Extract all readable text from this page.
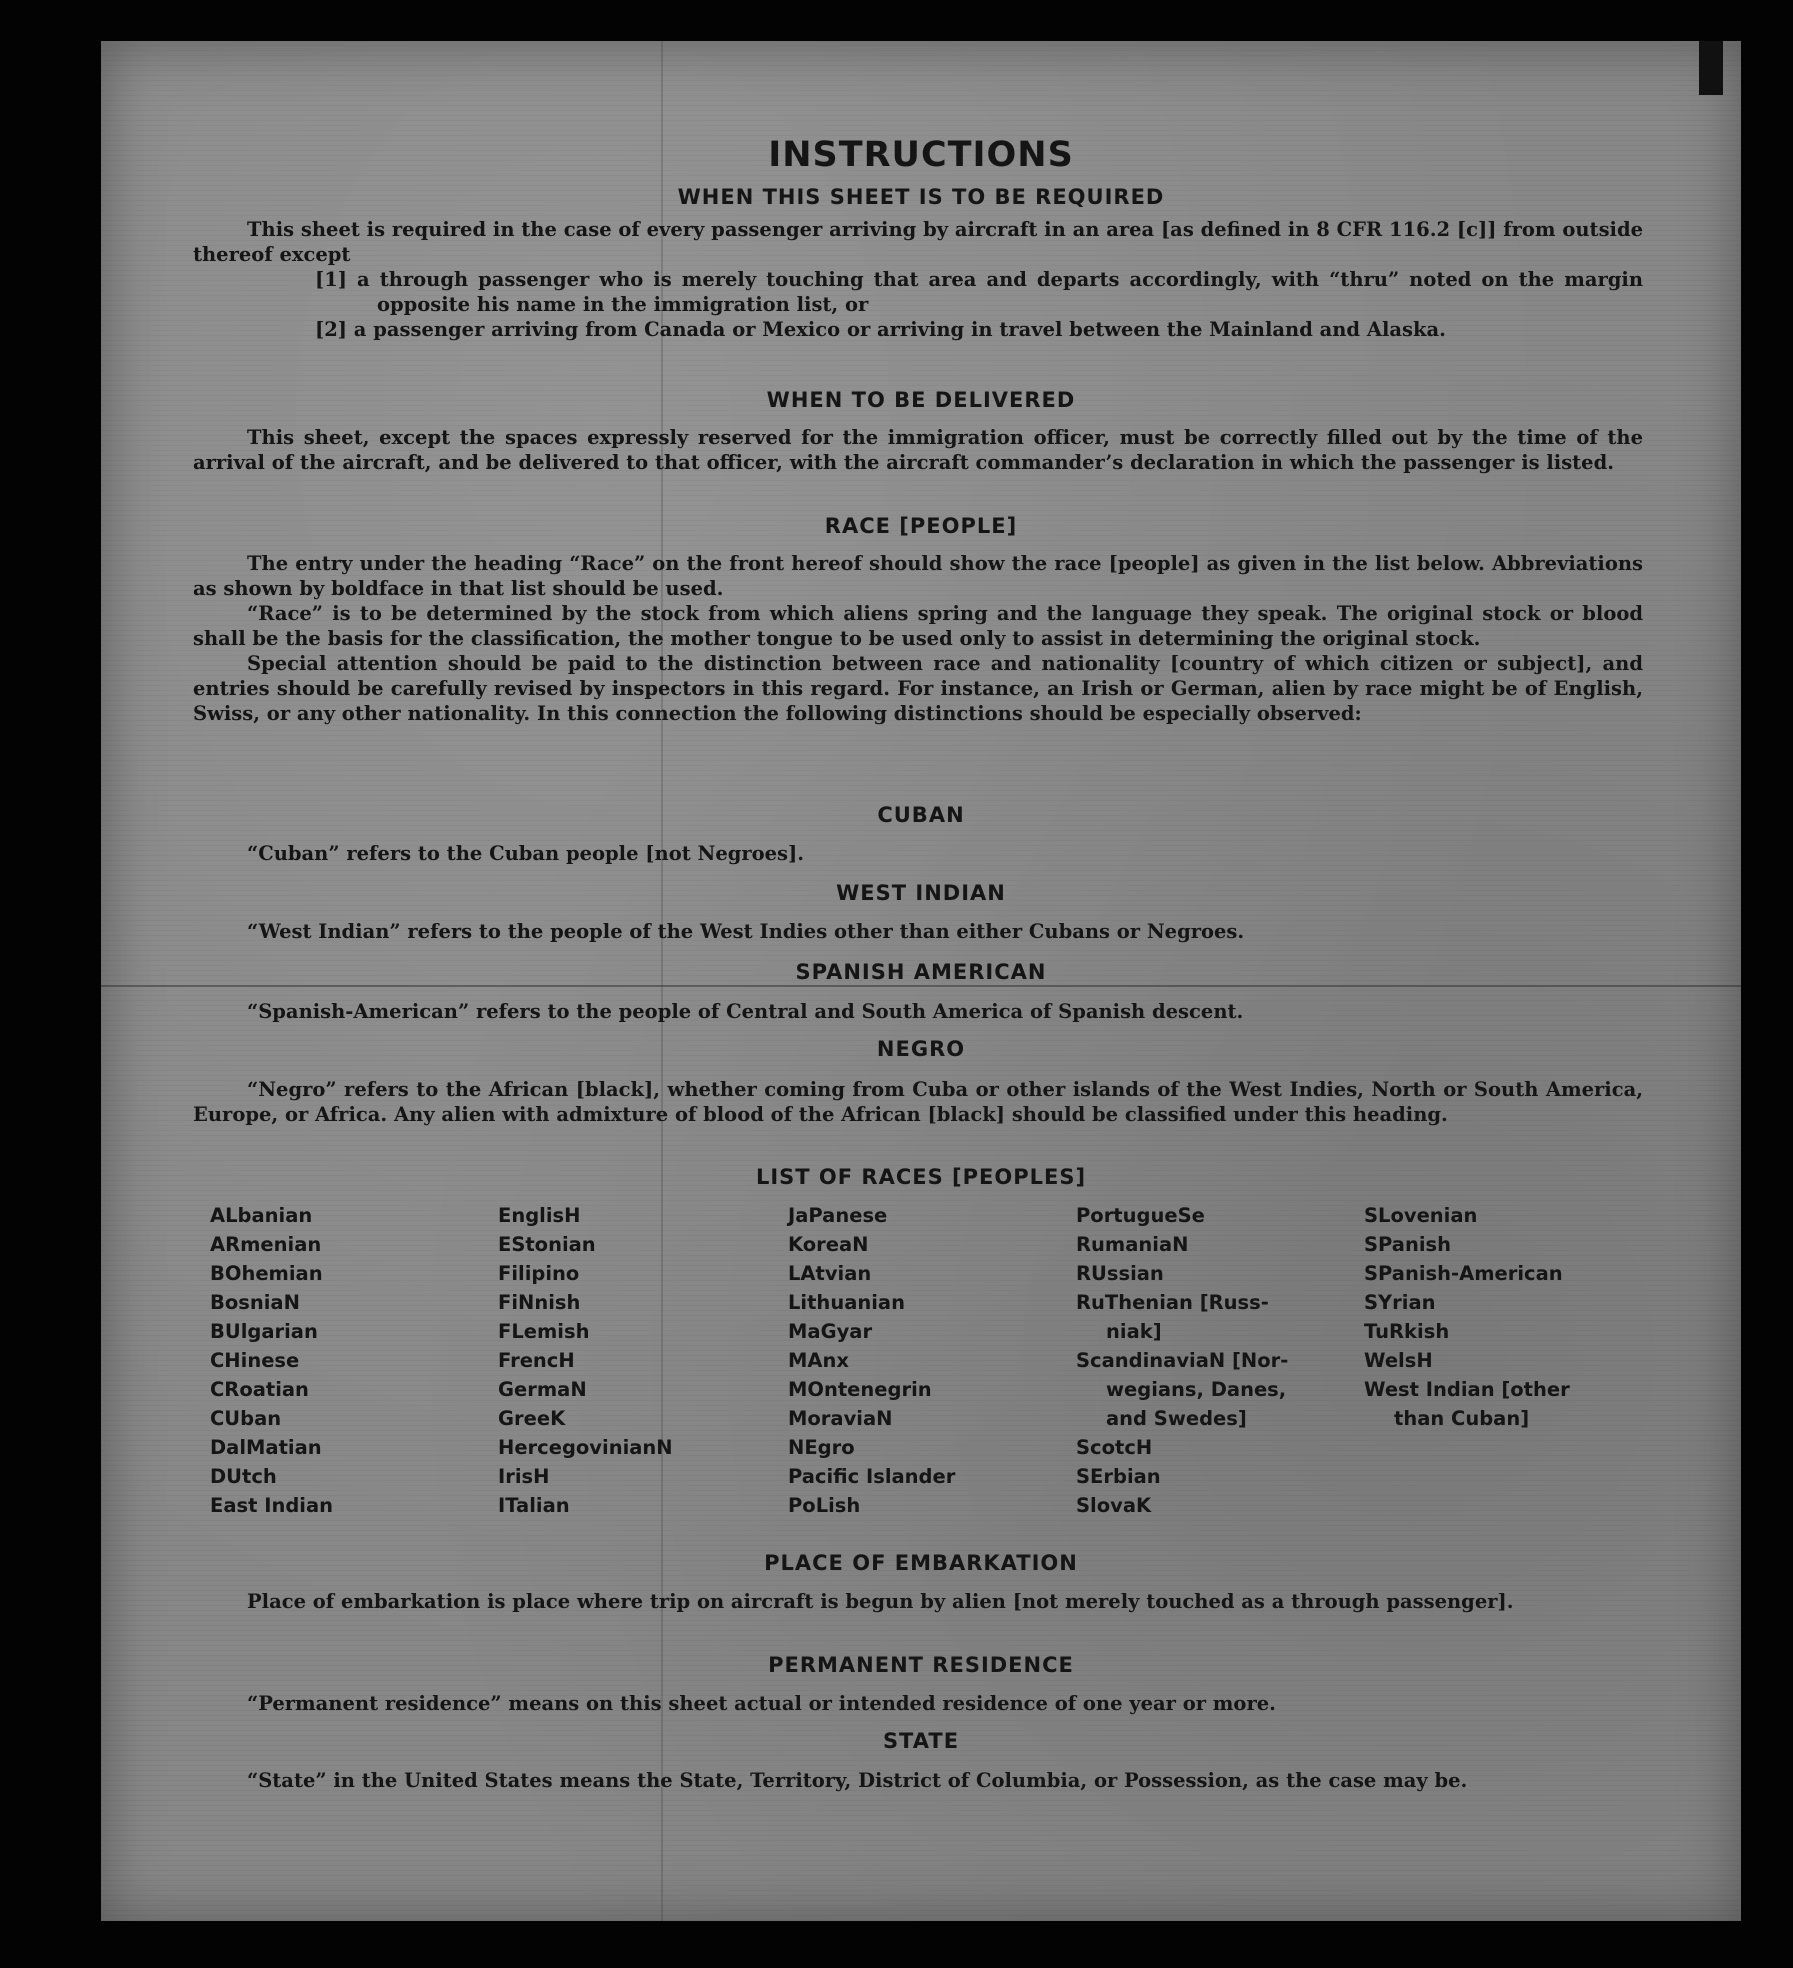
INSTRUCTIONS
WHEN THIS SHEET IS TO BE REQUIRED
This sheet is required in the case of every passenger arriving by aircraft in an area [as defined in 8 CFR 116.2 [c]] from outside thereof except
[1] a through passenger who is merely touching that area and departs accordingly, with “thru” noted on the margin opposite his name in the immigration list, or
[2] a passenger arriving from Canada or Mexico or arriving in travel between the Mainland and Alaska.
WHEN TO BE DELIVERED
This sheet, except the spaces expressly reserved for the immigration officer, must be correctly filled out by the time of the arrival of the aircraft, and be delivered to that officer, with the aircraft commander’s declaration in which the passenger is listed.
RACE [PEOPLE]

The entry under the heading “Race” on the front hereof should show the race [people] as given in the list below. Abbreviations as shown by boldface in that list should be used.

“Race” is to be determined by the stock from which aliens spring and the language they speak. The original stock or blood shall be the basis for the classification, the mother tongue to be used only to assist in determining the original stock.

Special attention should be paid to the distinction between race and nationality [country of which citizen or subject], and entries should be carefully revised by inspectors in this regard. For instance, an Irish or German, alien by race might be of English, Swiss, or any other nationality. In this connection the following distinctions should be especially observed:

CUBAN
“Cuban” refers to the Cuban people [not Negroes].
WEST INDIAN
“West Indian” refers to the people of the West Indies other than either Cubans or Negroes.
SPANISH AMERICAN
“Spanish-American” refers to the people of Central and South America of Spanish descent.
NEGRO
“Negro” refers to the African [black], whether coming from Cuba or other islands of the West Indies, North or South America, Europe, or Africa. Any alien with admixture of blood of the African [black] should be classified under this heading.
LIST OF RACES [PEOPLES]
ALbanian
ARmenian
BOhemian
BosniaN
BUlgarian
CHinese
CRoatian
CUban
DalMatian
DUtch
East Indian
EnglisH
EStonian
Filipino
FiNnish
FLemish
FrencH
GermaN
GreeK
HercegovinianN
IrisH
ITalian
JaPanese
KoreaN
LAtvian
Lithuanian
MaGyar
MAnx
MOntenegrin
MoraviaN
NEgro
Pacific Islander
PoLish
PortugueSe
RumaniaN
RUssian
RuThenian [Russ-
niak]
ScandinaviaN [Nor-
wegians, Danes,
and Swedes]
ScotcH
SErbian
SlovaK
SLovenian
SPanish
SPanish-American
SYrian
TuRkish
WelsH
West Indian [other
than Cuban]
PLACE OF EMBARKATION
Place of embarkation is place where trip on aircraft is begun by alien [not merely touched as a through passenger].
PERMANENT RESIDENCE
“Permanent residence” means on this sheet actual or intended residence of one year or more.
STATE
“State” in the United States means the State, Territory, District of Columbia, or Possession, as the case may be.
